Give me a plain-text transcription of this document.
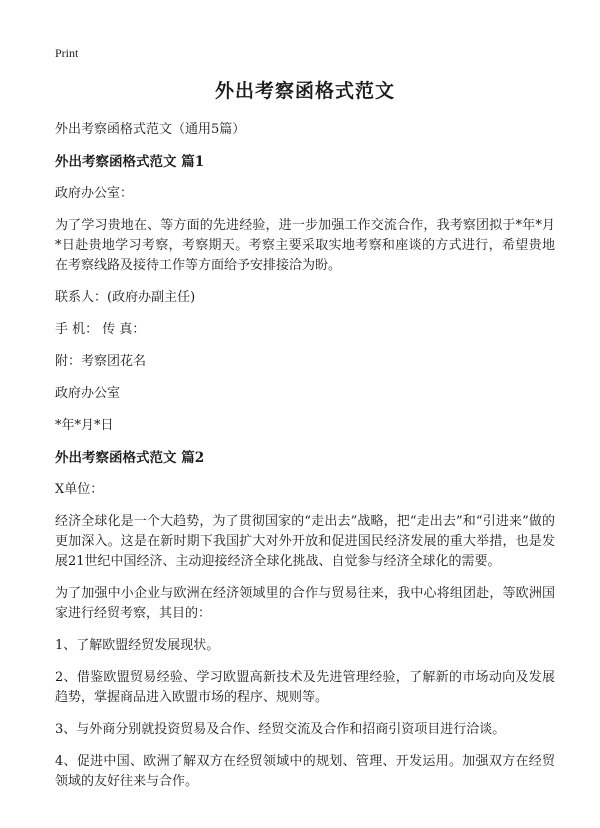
Print
外出考察函格式范文
外出考察函格式范文（通用5篇）
外出考察函格式范文 篇1
政府办公室：
为了学习贵地在、等方面的先进经验，进一步加强工作交流合作，我考察团拟于*年*月*日赴贵地学习考察，考察期天。考察主要采取实地考察和座谈的方式进行，希望贵地在考察线路及接待工作等方面给予安排接洽为盼。
联系人：(政府办副主任)
手 机： 传 真：
附：考察团花名
政府办公室
*年*月*日
外出考察函格式范文 篇2
X单位：
经济全球化是一个大趋势，为了贯彻国家的“走出去”战略，把“走出去”和“引进来”做的更加深入。这是在新时期下我国扩大对外开放和促进国民经济发展的重大举措，也是发展21世纪中国经济、主动迎接经济全球化挑战、自觉参与经济全球化的需要。
为了加强中小企业与欧洲在经济领域里的合作与贸易往来，我中心将组团赴，等欧洲国家进行经贸考察，其目的：
1、了解欧盟经贸发展现状。
2、借鉴欧盟贸易经验、学习欧盟高新技术及先进管理经验，了解新的市场动向及发展趋势，掌握商品进入欧盟市场的程序、规则等。
3、与外商分别就投资贸易及合作、经贸交流及合作和招商引资项目进行洽谈。
4、促进中国、欧洲了解双方在经贸领域中的规划、管理、开发运用。加强双方在经贸领域的友好往来与合作。
